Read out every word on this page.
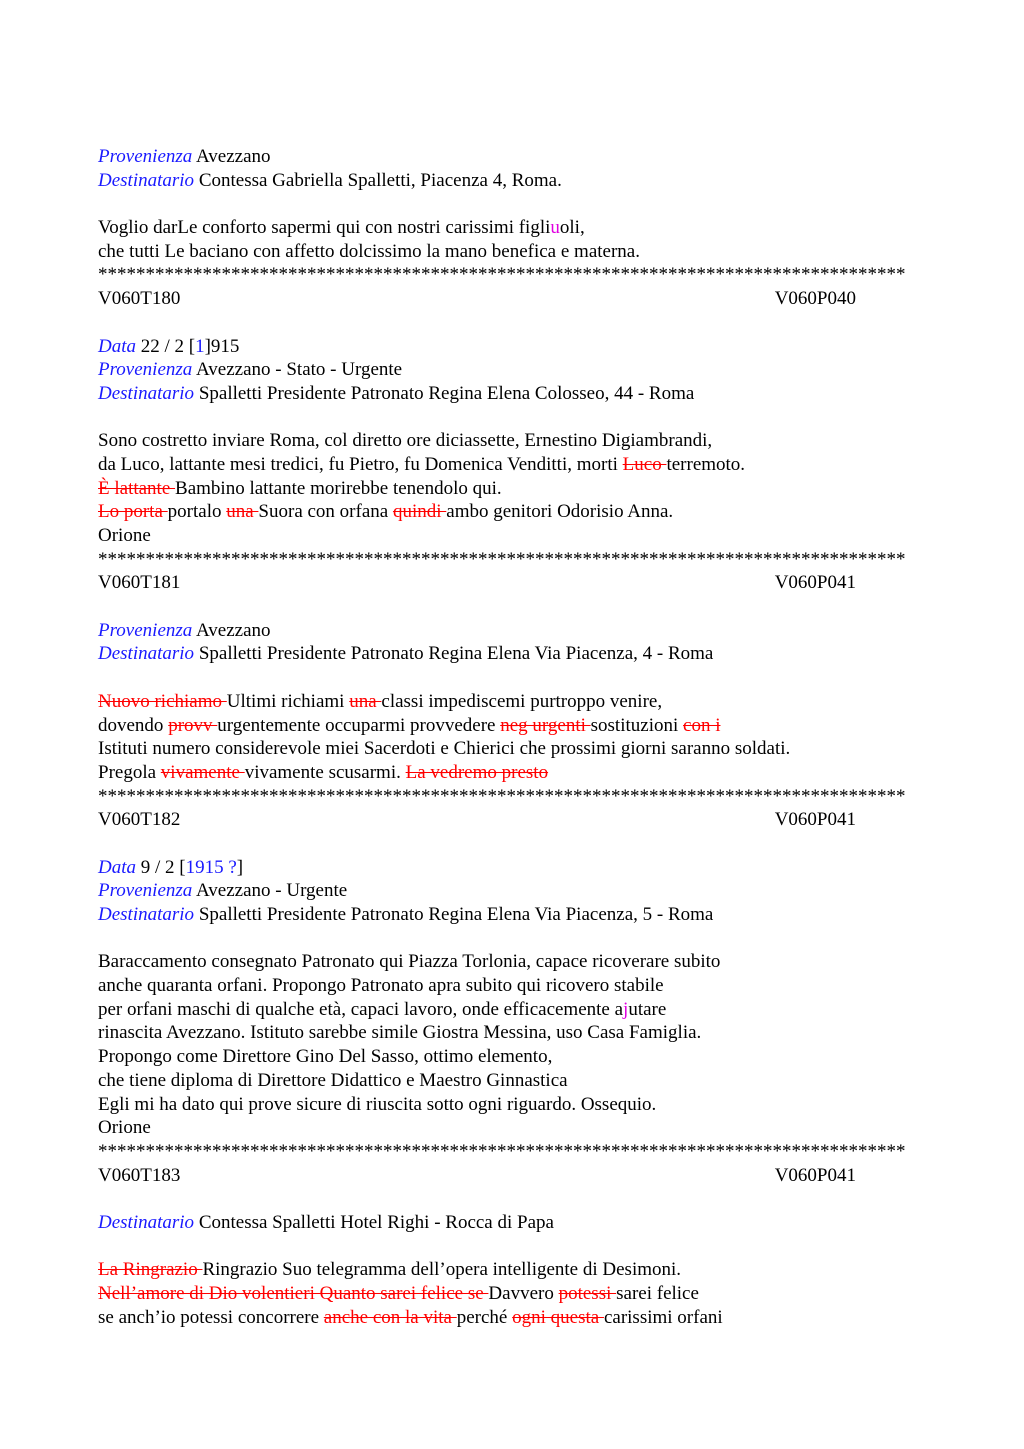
Provenienza Avezzano
Destinatario Contessa Gabriella Spalletti, Piacenza 4, Roma.
Voglio darLe conforto sapermi qui con nostri carissimi figliuoli,
che tutti Le baciano con affetto dolcissimo la mano benefica e materna.
*************************************************************************************
V060T180	V060P040
Data 22 / 2 [1]915
Provenienza Avezzano - Stato - Urgente
Destinatario Spalletti Presidente Patronato Regina Elena Colosseo, 44 - Roma
Sono costretto inviare Roma, col diretto ore diciassette, Ernestino Digiambrandi,
da Luco, lattante mesi tredici, fu Pietro, fu Domenica Venditti, morti Luco terremoto.
È lattante Bambino lattante morirebbe tenendolo qui.
Lo porta portalo una Suora con orfana quindi ambo genitori Odorisio Anna.
Orione
*************************************************************************************
V060T181	V060P041
Provenienza Avezzano
Destinatario Spalletti Presidente Patronato Regina Elena Via Piacenza, 4 - Roma
Nuovo richiamo Ultimi richiami una classi impediscemi purtroppo venire,
dovendo provv urgentemente occuparmi provvedere neg urgenti sostituzioni con i
Istituti numero considerevole miei Sacerdoti e Chierici che prossimi giorni saranno soldati.
Pregola vivamente vivamente scusarmi. La vedremo presto
*************************************************************************************
V060T182	V060P041
Data 9 / 2 [1915 ?]
Provenienza Avezzano - Urgente
Destinatario Spalletti Presidente Patronato Regina Elena Via Piacenza, 5 - Roma
Baraccamento consegnato Patronato qui Piazza Torlonia, capace ricoverare subito
anche quaranta orfani. Propongo Patronato apra subito qui ricovero stabile
per orfani maschi di qualche età, capaci lavoro, onde efficacemente ajutare
rinascita Avezzano. Istituto sarebbe simile Giostra Messina, uso Casa Famiglia.
Propongo come Direttore Gino Del Sasso, ottimo elemento,
che tiene diploma di Direttore Didattico e Maestro Ginnastica
Egli mi ha dato qui prove sicure di riuscita sotto ogni riguardo. Ossequio.
Orione
*************************************************************************************
V060T183	V060P041
Destinatario Contessa Spalletti Hotel Righi - Rocca di Papa
La Ringrazio Ringrazio Suo telegramma dell’opera intelligente di Desimoni.
Nell’amore di Dio volentieri Quanto sarei felice se Davvero potessi sarei felice
se anch’io potessi concorrere anche con la vita perché ogni questa carissimi orfani
